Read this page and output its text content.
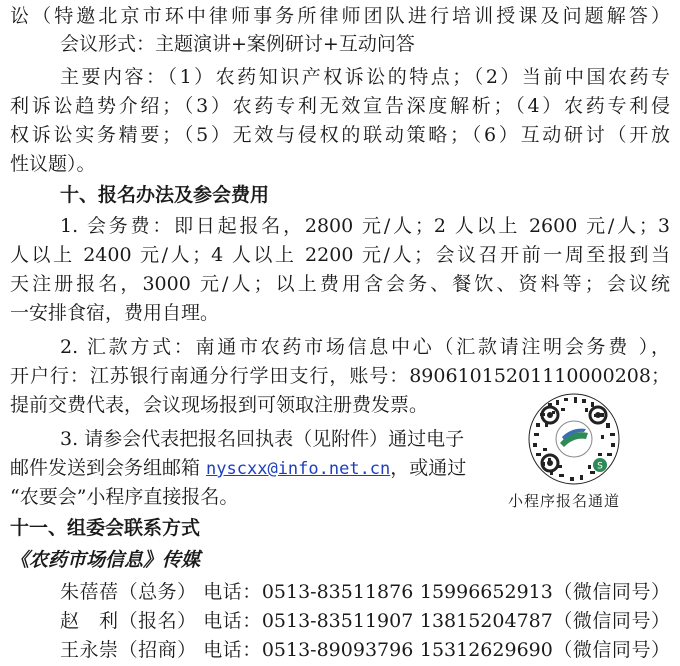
讼（特邀北京市环中律师事务所律师团队进行培训授课及问题解答）
会议形式：主题演讲+案例研讨+互动问答
主要内容：（1）农药知识产权诉讼的特点；（2）当前中国农药专
利诉讼趋势介绍；（3）农药专利无效宣告深度解析；（4）农药专利侵
权诉讼实务精要；（5）无效与侵权的联动策略；（6）互动研讨（开放
性议题）。
十、报名办法及参会费用
1. 会务费：即日起报名，2800 元/人；2 人以上 2600 元/人；3
人以上 2400 元/人；4 人以上 2200 元/人；会议召开前一周至报到当
天注册报名，3000 元/人；以上费用含会务、餐饮、资料等；会议统
一安排食宿，费用自理。
2. 汇款方式：南通市农药市场信息中心（汇款请注明会务费 ），
开户行：江苏银行南通分行学田支行，账号：89061015201110000208；
提前交费代表，会议现场报到可领取注册费发票。
3. 请参会代表把报名回执表（见附件）通过电子
邮件发送到会务组邮箱 nyscxx@info.net.cn，或通过
“农要会”小程序直接报名。
十一、组委会联系方式
《农药市场信息》传媒
朱蓓蓓（总务） 电话：0513-83511876 15996652913（微信同号）
赵　利（报名） 电话：0513-83511907 13815204787（微信同号）
王永崇（招商） 电话：0513-89093796 15312629690（微信同号）
S
小程序报名通道
